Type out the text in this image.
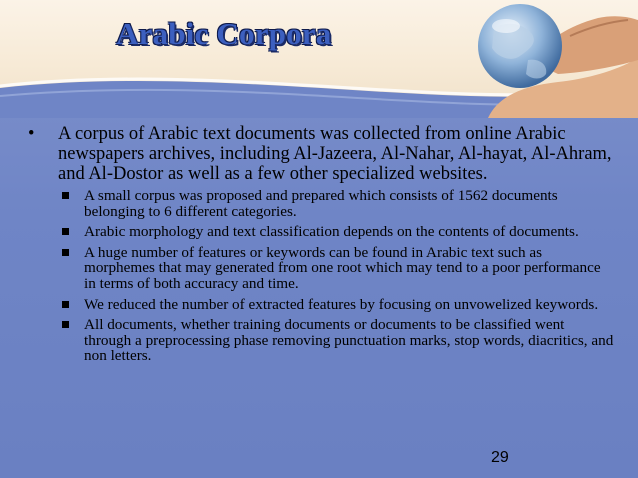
Arabic Corpora
• A corpus of Arabic text documents was collected from online Arabic newspapers archives, including Al-Jazeera, Al-Nahar, Al-hayat, Al-Ahram, and Al-Dostor as well as a few other specialized websites.
A small corpus was proposed and prepared which consists of 1562 documents belonging to 6 different categories.
Arabic morphology and text classification depends on the contents of documents.
A huge number of features or keywords can be found in Arabic text such as morphemes that may generated from one root which may tend to a poor performance in terms of both accuracy and time.
We reduced the number of extracted features by focusing on unvowelized keywords.
All documents, whether training documents or documents to be classified went through a preprocessing phase removing punctuation marks, stop words, diacritics, and non letters.
29
